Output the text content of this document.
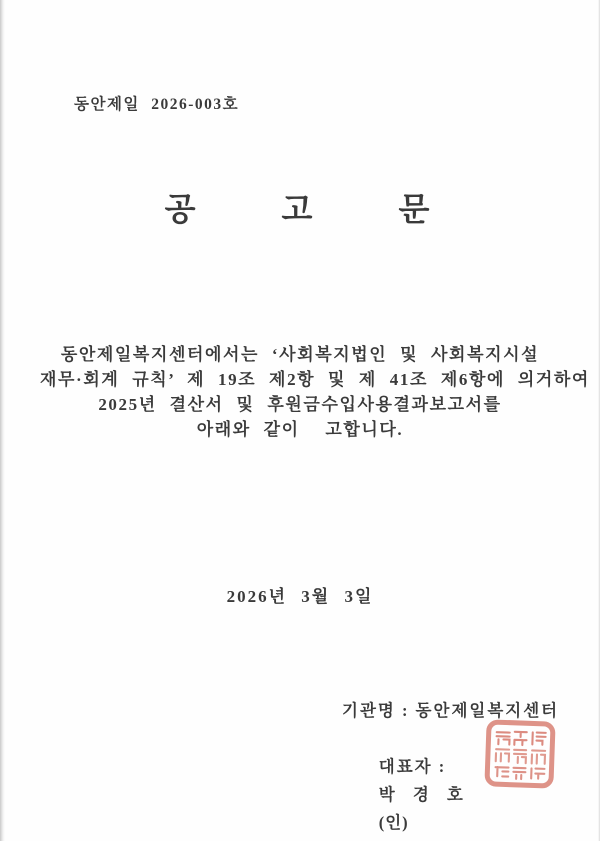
동안제일 2026-003호
공  고  문
동안제일복지센터에서는 ‘사회복지법인 및 사회복지시설
재무·회계 규칙’ 제 19조 제2항 및 제 41조 제6항에 의거하여
2025년 결산서 및 후원금수입사용결과보고서를
아래와 같이  고합니다.
2026년 3월 3일
기관명 : 동안제일복지센터

대표자 :
박 경 호
(인)
